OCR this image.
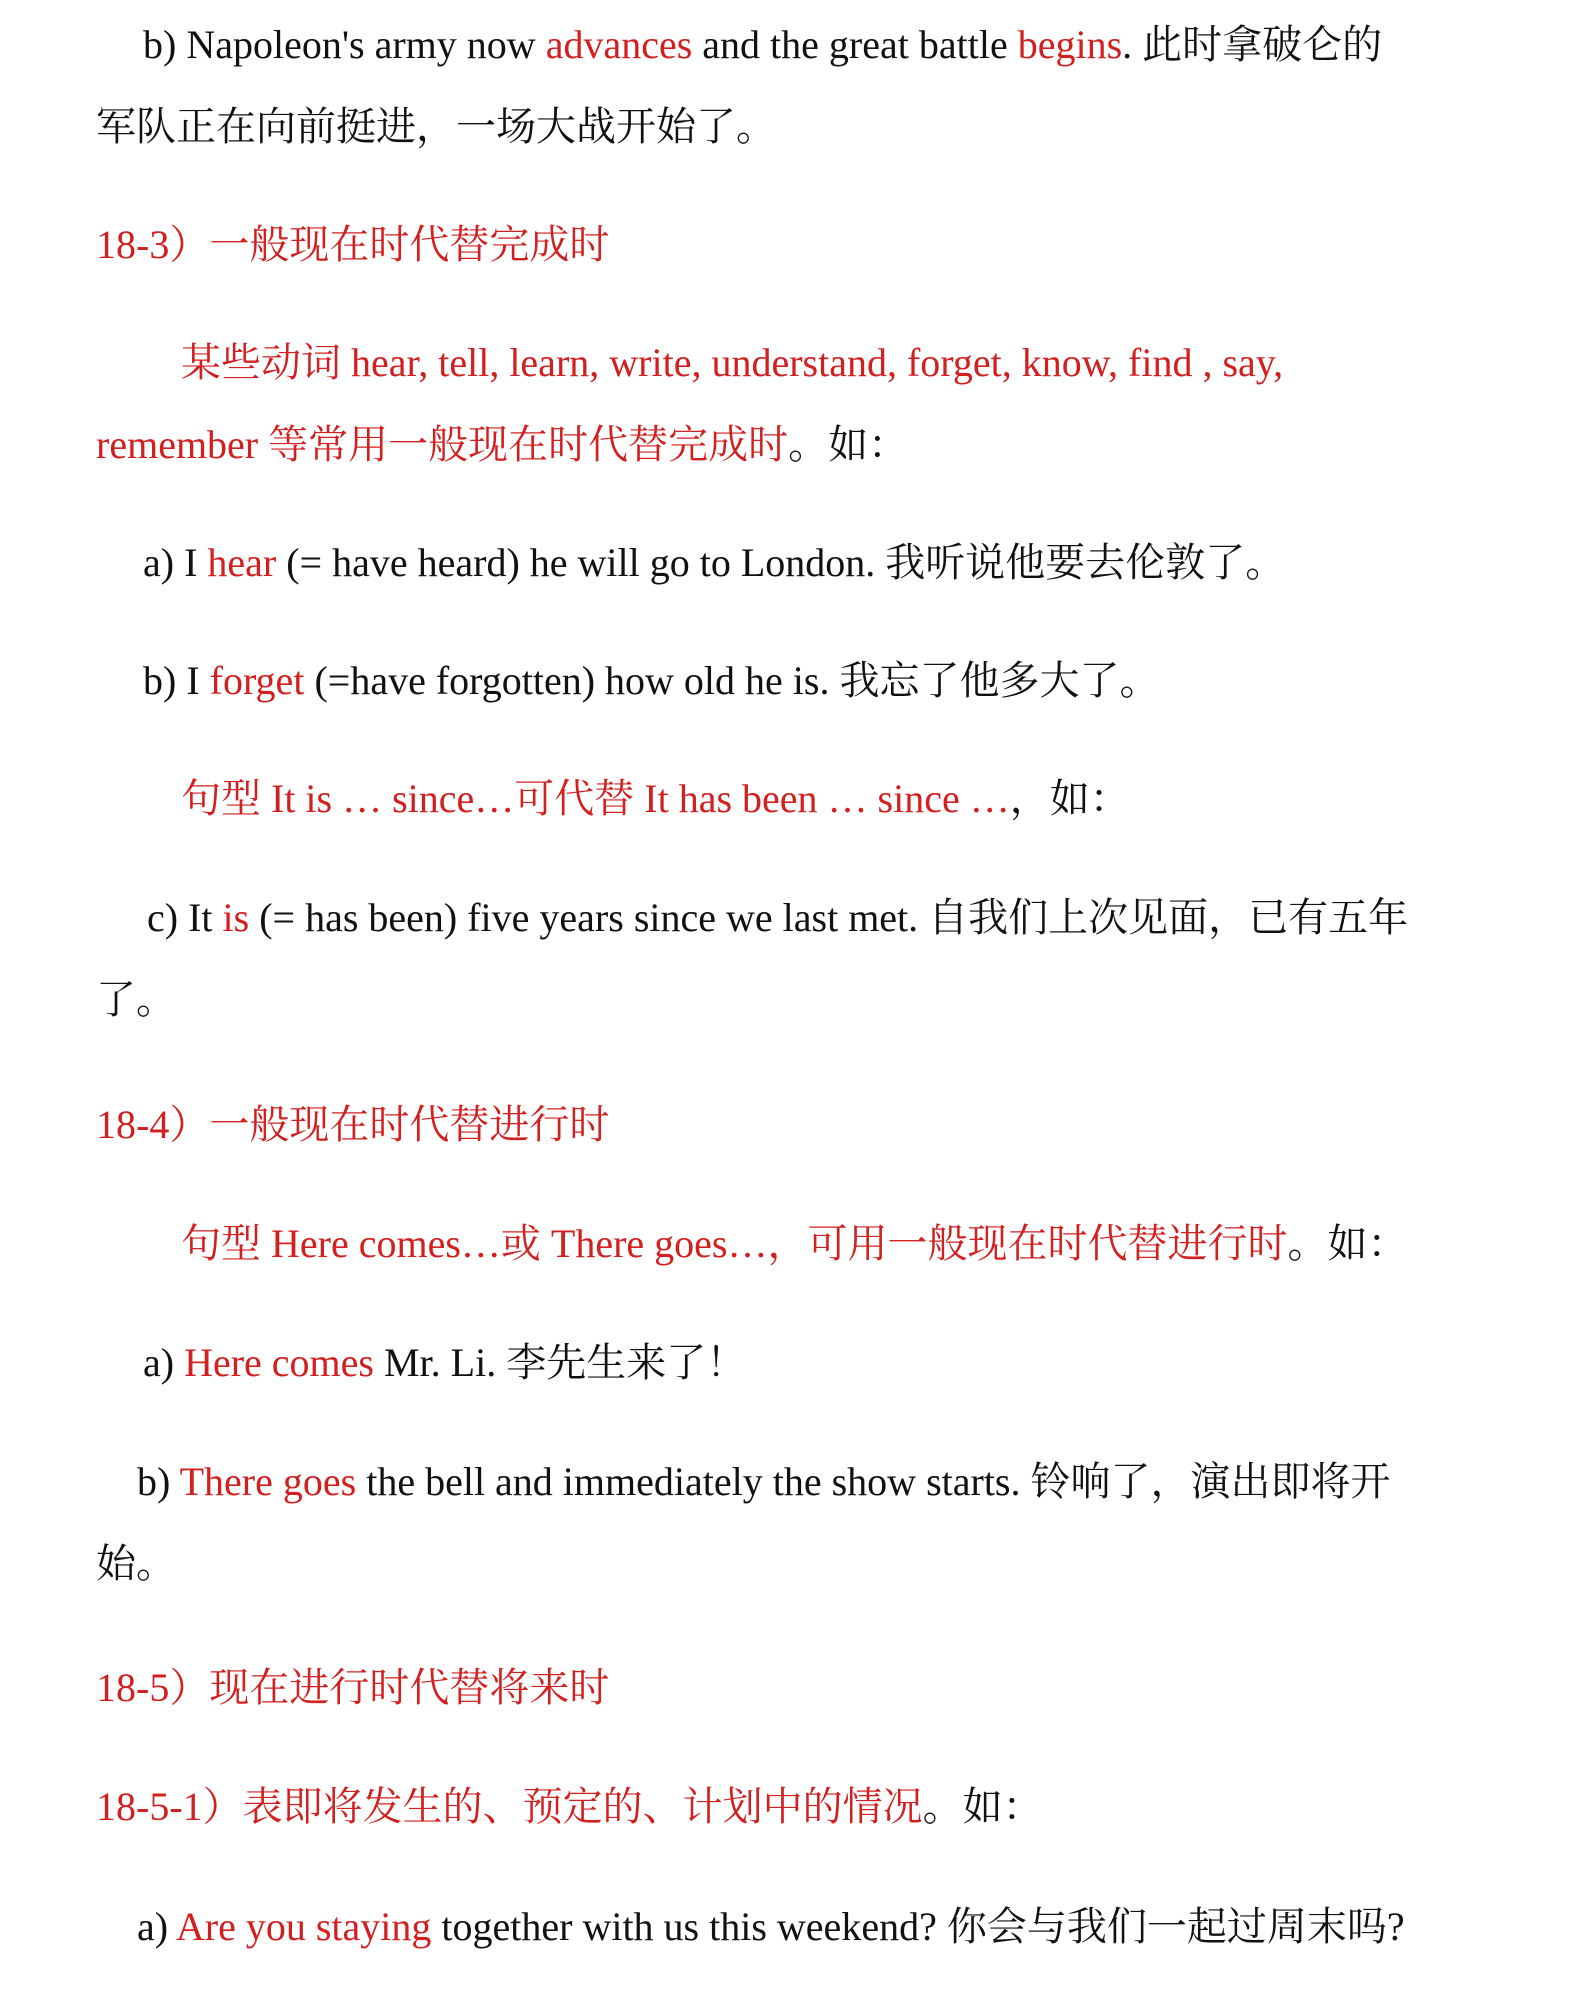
b) Napoleon's army now advances and the great battle begins. 此时拿破仑的
军队正在向前挺进，一场大战开始了。
18-3）一般现在时代替完成时
某些动词 hear, tell, learn, write, understand, forget, know, find , say,
remember 等常用一般现在时代替完成时。如：
a) I hear (= have heard) he will go to London. 我听说他要去伦敦了。
b) I forget (=have forgotten) how old he is. 我忘了他多大了。
句型 It is … since…可代替 It has been … since …，如：
c) It is (= has been) five years since we last met. 自我们上次见面，已有五年
了。
18-4）一般现在时代替进行时
句型 Here comes…或 There goes…，可用一般现在时代替进行时。如：
a) Here comes Mr. Li. 李先生来了！
b) There goes the bell and immediately the show starts. 铃响了，演出即将开
始。
18-5）现在进行时代替将来时
18-5-1）表即将发生的、预定的、计划中的情况。如：
a) Are you staying together with us this weekend? 你会与我们一起过周末吗?
